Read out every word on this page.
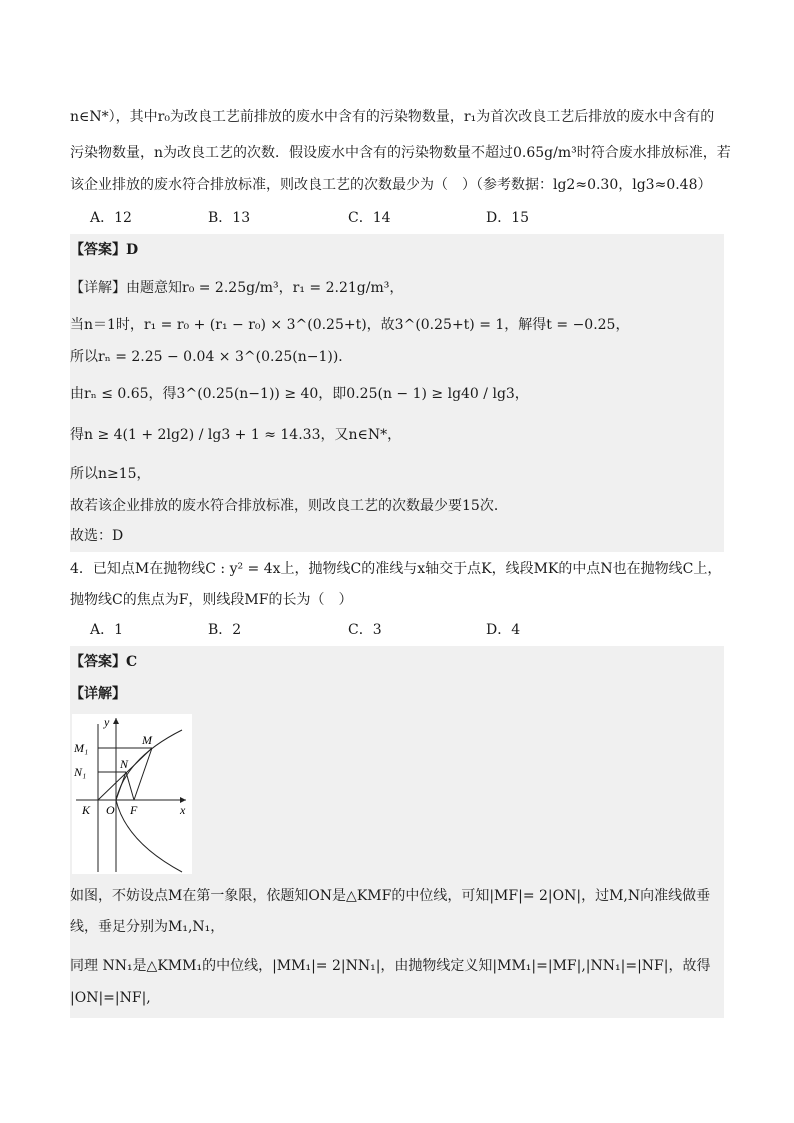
n∈N*），其中r₀为改良工艺前排放的废水中含有的污染物数量，r₁为首次改良工艺后排放的废水中含有的
污染物数量，n为改良工艺的次数．假设废水中含有的污染物数量不超过0.65g/m³时符合废水排放标准，若
该企业排放的废水符合排放标准，则改良工艺的次数最少为（　）（参考数据：lg2≈0.30，lg3≈0.48）
A．12	B．13	C．14	D．15
【答案】D
【详解】由题意知r₀ = 2.25g/m³，r₁ = 2.21g/m³，
当n＝1时，r₁ = r₀ + (r₁ − r₀) × 3^(0.25+t)，故3^(0.25+t) = 1，解得t = −0.25，
所以rₙ = 2.25 − 0.04 × 3^(0.25(n−1))．
由rₙ ≤ 0.65，得3^(0.25(n−1)) ≥ 40，即0.25(n − 1) ≥ lg40 / lg3，
得n ≥ 4(1 + 2lg2) / lg3 + 1 ≈ 14.33，又n∈N*，
所以n≥15，
故若该企业排放的废水符合排放标准，则改良工艺的次数最少要15次．
故选：D
4．已知点M在抛物线C : y² = 4x上，抛物线C的准线与x轴交于点K，线段MK的中点N也在抛物线C上，
抛物线C的焦点为F，则线段MF的长为（　）
A．1	B．2	C．3	D．4
【答案】C
【详解】
y
x
M₁
N₁
M
N
K O F
如图，不妨设点M在第一象限，依题知ON是△KMF的中位线，可知|MF|= 2|ON|，过M,N向准线做垂
线，垂足分别为M₁,N₁，
同理 NN₁是△KMM₁的中位线，|MM₁|= 2|NN₁|，由抛物线定义知|MM₁|=|MF|,|NN₁|=|NF|，故得
|ON|=|NF|,
